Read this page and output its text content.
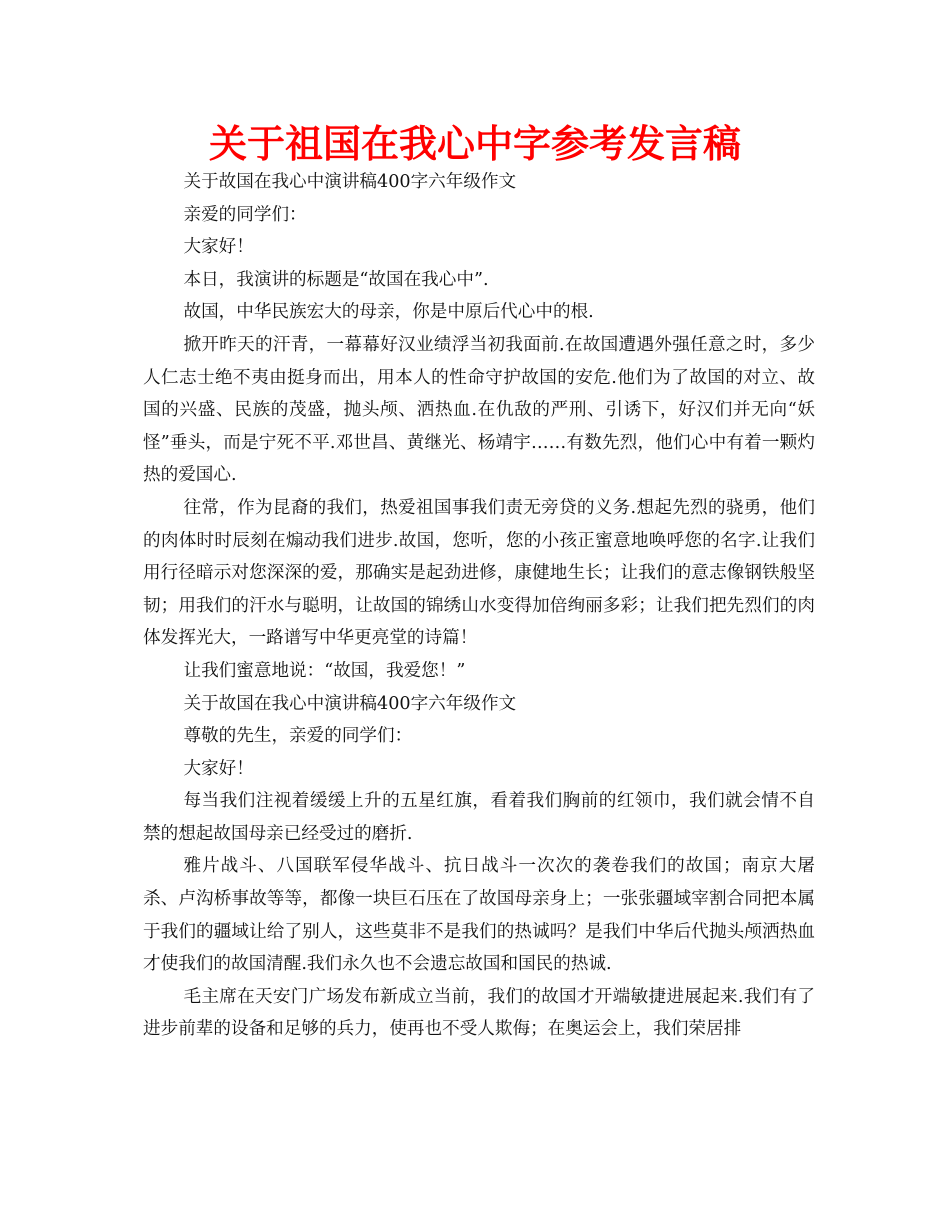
关于祖国在我心中字参考发言稿

关于故国在我心中演讲稿400字六年级作文

亲爱的同学们：

大家好！

本日，我演讲的标题是“故国在我心中”.

故国，中华民族宏大的母亲，你是中原后代心中的根.

掀开昨天的汗青，一幕幕好汉业绩浮当初我面前.在故国遭遇外强任意之时，多少人仁志士绝不夷由挺身而出，用本人的性命守护故国的安危.他们为了故国的对立、故国的兴盛、民族的茂盛，抛头颅、洒热血.在仇敌的严刑、引诱下，好汉们并无向“妖怪”垂头，而是宁死不平.邓世昌、黄继光、杨靖宇……有数先烈，他们心中有着一颗灼热的爱国心.

往常，作为昆裔的我们，热爱祖国事我们责无旁贷的义务.想起先烈的骁勇，他们的肉体时时辰刻在煽动我们进步.故国，您听，您的小孩正蜜意地唤呼您的名字.让我们用行径暗示对您深深的爱，那确实是起劲进修，康健地生长；让我们的意志像钢铁般坚韧；用我们的汗水与聪明，让故国的锦绣山水变得加倍绚丽多彩；让我们把先烈们的肉体发挥光大，一路谱写中华更亮堂的诗篇！

让我们蜜意地说：“故国，我爱您！”

关于故国在我心中演讲稿400字六年级作文

尊敬的先生，亲爱的同学们：

大家好！

每当我们注视着缓缓上升的五星红旗，看着我们胸前的红领巾，我们就会情不自禁的想起故国母亲已经受过的磨折.

雅片战斗、八国联军侵华战斗、抗日战斗一次次的袭卷我们的故国；南京大屠杀、卢沟桥事故等等，都像一块巨石压在了故国母亲身上；一张张疆域宰割合同把本属于我们的疆域让给了别人，这些莫非不是我们的热诚吗？是我们中华后代抛头颅洒热血才使我们的故国清醒.我们永久也不会遗忘故国和国民的热诚.

毛主席在天安门广场发布新成立当前，我们的故国才开端敏捷进展起来.我们有了进步前辈的设备和足够的兵力，使再也不受人欺侮；在奥运会上，我们荣居排
